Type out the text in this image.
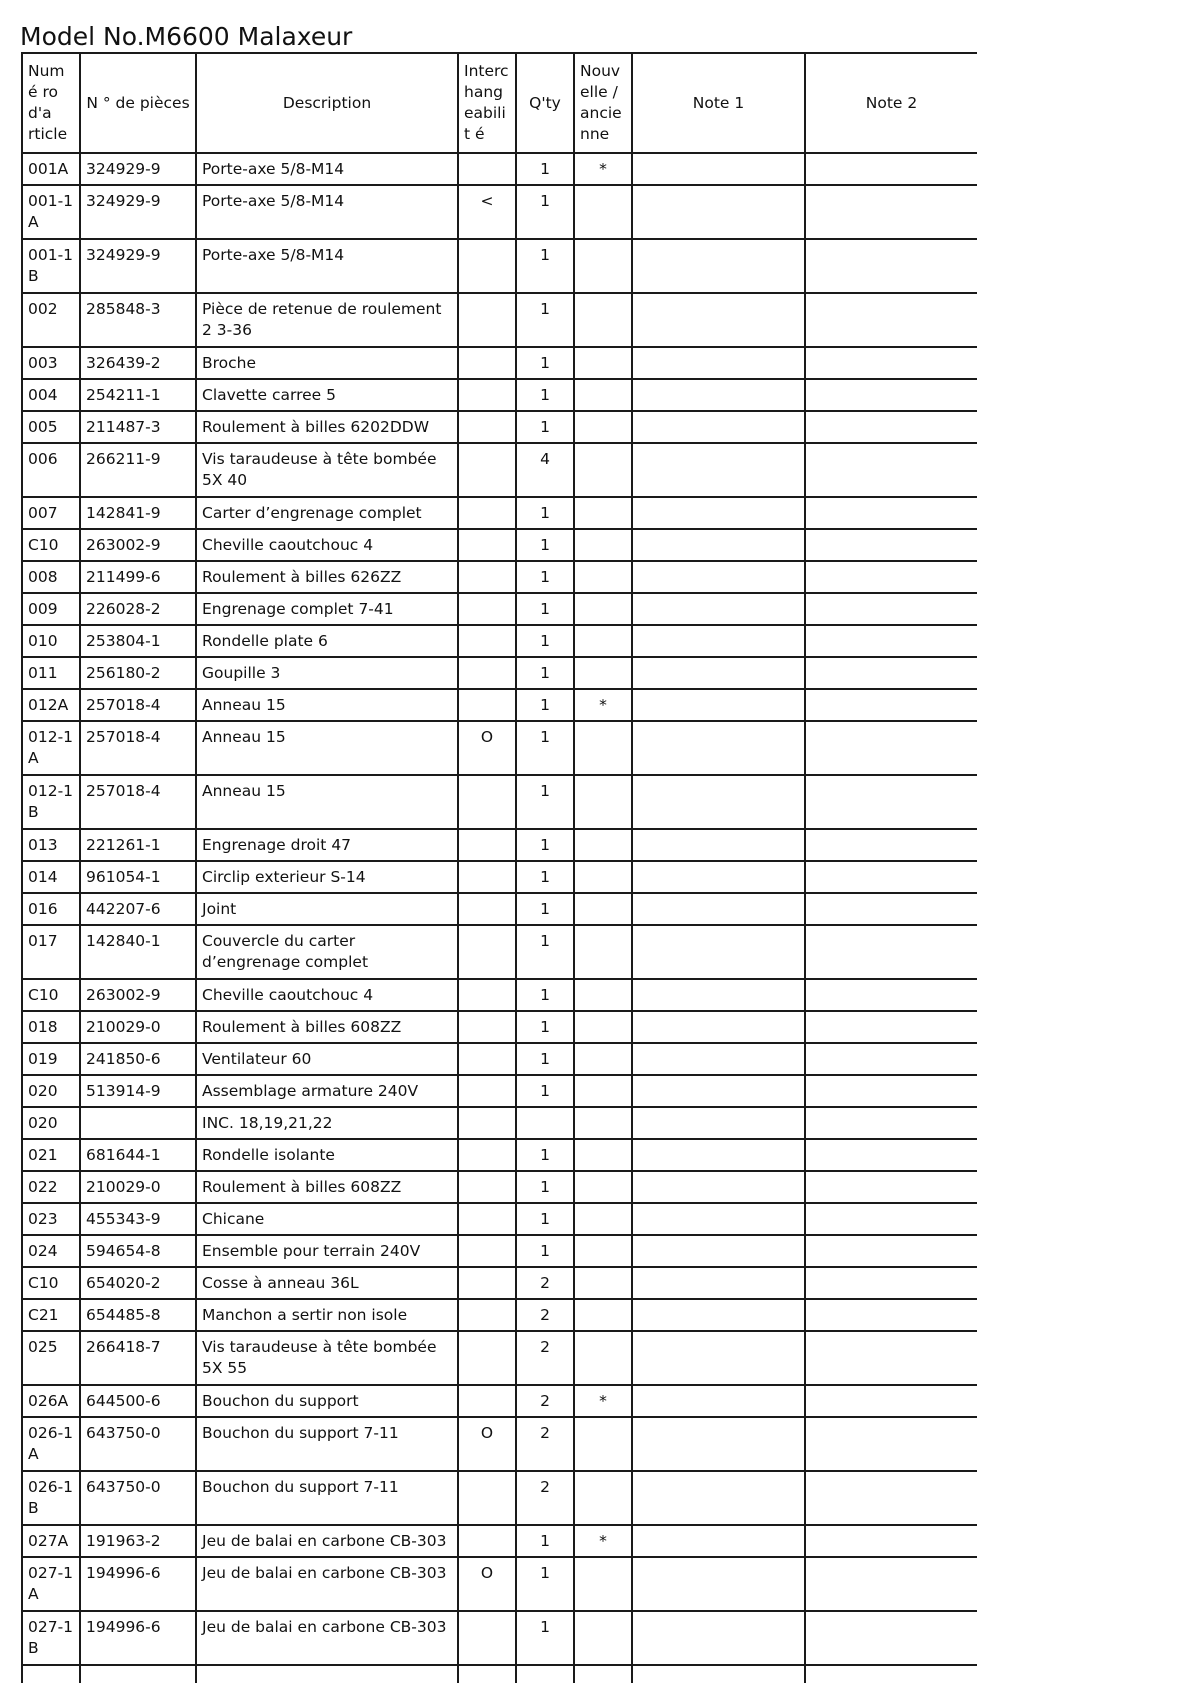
Model No.M6600 Malaxeur
Numé ro d'a rticle	N ° de pièces	Description	Interc hang eabilit é	Q'ty	Nouv elle / ancie nne	Note 1	Note 2
001A	324929-9	Porte-axe 5/8-M14		1	*		
001-1 A	324929-9	Porte-axe 5/8-M14	<	1			
001-1 B	324929-9	Porte-axe 5/8-M14		1			
002	285848-3	Pièce de retenue de roulement 2 3-36		1			
003	326439-2	Broche		1			
004	254211-1	Clavette carree 5		1			
005	211487-3	Roulement à billes 6202DDW		1			
006	266211-9	Vis taraudeuse à tête bombée 5X 40		4			
007	142841-9	Carter d’engrenage complet		1			
C10	263002-9	Cheville caoutchouc 4		1			
008	211499-6	Roulement à billes 626ZZ		1			
009	226028-2	Engrenage complet 7-41		1			
010	253804-1	Rondelle plate 6		1			
011	256180-2	Goupille 3		1			
012A	257018-4	Anneau 15		1	*		
012-1 A	257018-4	Anneau 15	O	1			
012-1 B	257018-4	Anneau 15		1			
013	221261-1	Engrenage droit 47		1			
014	961054-1	Circlip exterieur S-14		1			
016	442207-6	Joint		1			
017	142840-1	Couvercle du carter d’engrenage complet		1			
C10	263002-9	Cheville caoutchouc 4		1			
018	210029-0	Roulement à billes 608ZZ		1			
019	241850-6	Ventilateur 60		1			
020	513914-9	Assemblage armature 240V		1			
020		INC. 18,19,21,22					
021	681644-1	Rondelle isolante		1			
022	210029-0	Roulement à billes 608ZZ		1			
023	455343-9	Chicane		1			
024	594654-8	Ensemble pour terrain 240V		1			
C10	654020-2	Cosse à anneau 36L		2			
C21	654485-8	Manchon a sertir non isole		2			
025	266418-7	Vis taraudeuse à tête bombée 5X 55		2			
026A	644500-6	Bouchon du support		2	*		
026-1 A	643750-0	Bouchon du support 7-11	O	2			
026-1 B	643750-0	Bouchon du support 7-11		2			
027A	191963-2	Jeu de balai en carbone CB-303		1	*		
027-1 A	194996-6	Jeu de balai en carbone CB-303	O	1			
027-1 B	194996-6	Jeu de balai en carbone CB-303		1			
